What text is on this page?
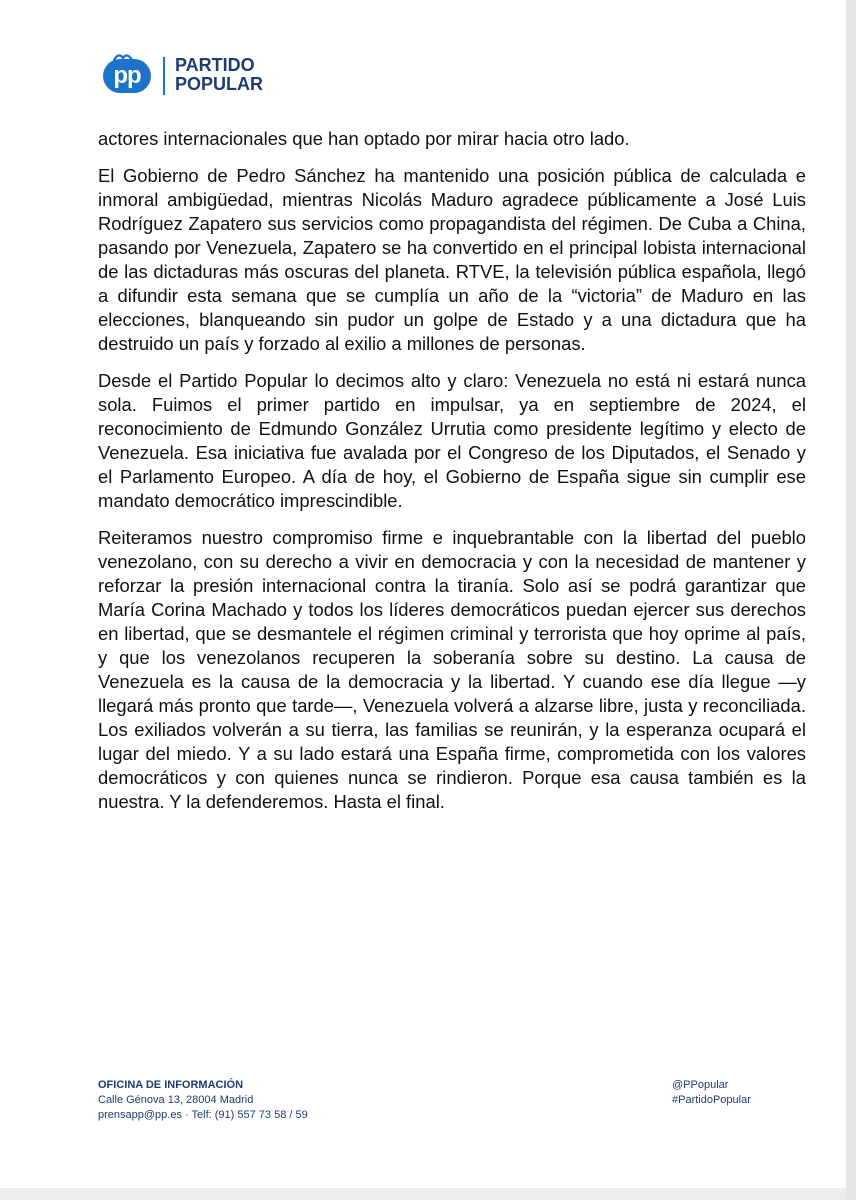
pp	PARTIDO
POPULAR

actores internacionales que han optado por mirar hacia otro lado.

El Gobierno de Pedro Sánchez ha mantenido una posición pública de calculada e inmoral ambigüedad, mientras Nicolás Maduro agradece públicamente a José Luis Rodríguez Zapatero sus servicios como propagandista del régimen. De Cuba a China, pasando por Venezuela, Zapatero se ha convertido en el principal lobista internacional de las dictaduras más oscuras del planeta. RTVE, la televisión pública española, llegó a difundir esta semana que se cumplía un año de la “victoria” de Maduro en las elecciones, blanqueando sin pudor un golpe de Estado y a una dictadura que ha destruido un país y forzado al exilio a millones de personas.

Desde el Partido Popular lo decimos alto y claro: Venezuela no está ni estará nunca sola. Fuimos el primer partido en impulsar, ya en septiembre de 2024, el reconocimiento de Edmundo González Urrutia como presidente legítimo y electo de Venezuela. Esa iniciativa fue avalada por el Congreso de los Diputados, el Senado y el Parlamento Europeo. A día de hoy, el Gobierno de España sigue sin cumplir ese mandato democrático imprescindible.

Reiteramos nuestro compromiso firme e inquebrantable con la libertad del pueblo venezolano, con su derecho a vivir en democracia y con la necesidad de mantener y reforzar la presión internacional contra la tiranía. Solo así se podrá garantizar que María Corina Machado y todos los líderes democráticos puedan ejercer sus derechos en libertad, que se desmantele el régimen criminal y terrorista que hoy oprime al país, y que los venezolanos recuperen la soberanía sobre su destino. La causa de Venezuela es la causa de la democracia y la libertad. Y cuando ese día llegue —y llegará más pronto que tarde—, Venezuela volverá a alzarse libre, justa y reconciliada. Los exiliados volverán a su tierra, las familias se reunirán, y la esperanza ocupará el lugar del miedo. Y a su lado estará una España firme, comprometida con los valores democráticos y con quienes nunca se rindieron. Porque esa causa también es la nuestra. Y la defenderemos. Hasta el final.

OFICINA DE INFORMACIÓN
Calle Génova 13, 28004 Madrid
prensapp@pp.es · Telf: (91) 557 73 58 / 59
@PPopular
#PartidoPopular
